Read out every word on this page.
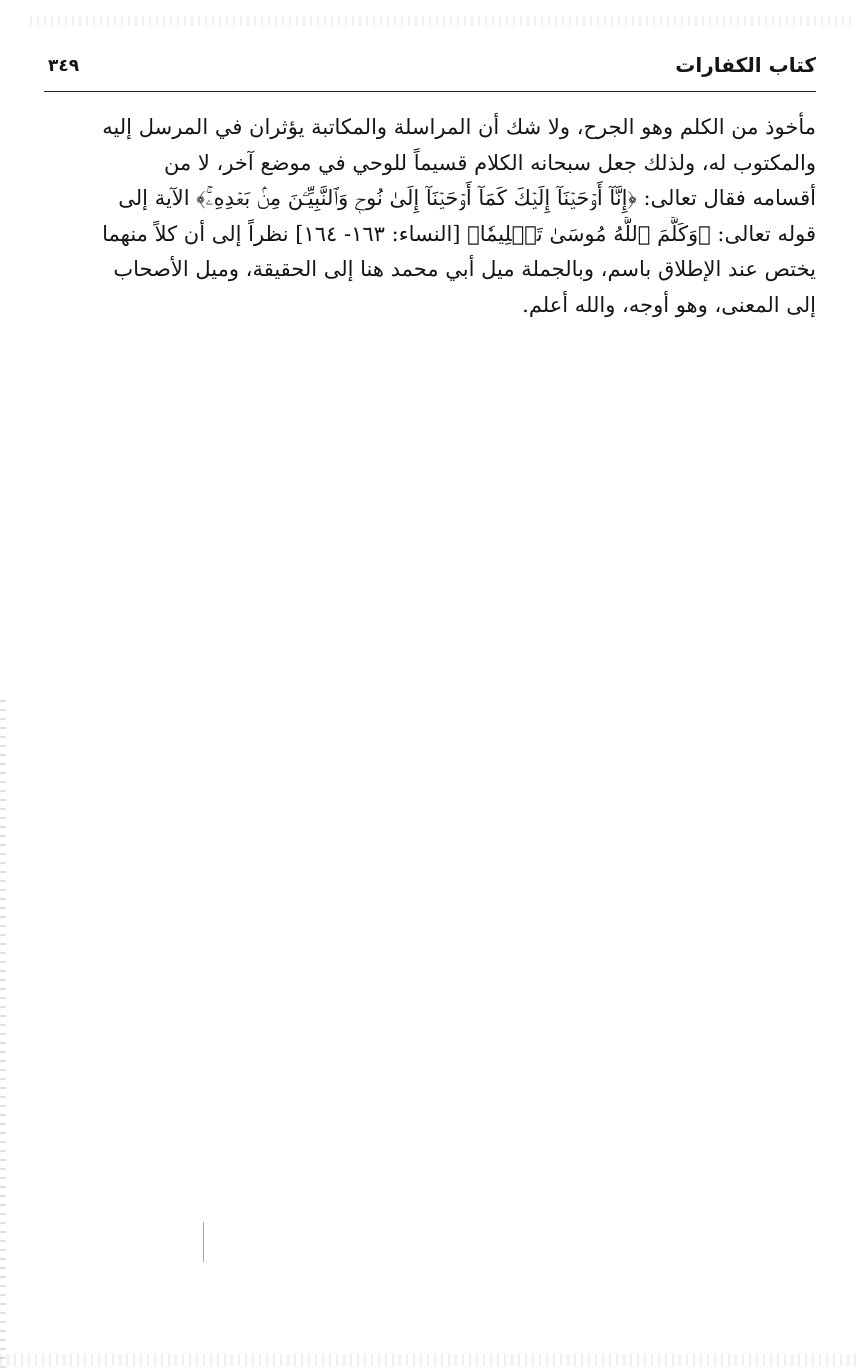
كتاب الكفارات
٣٤٩
مأخوذ من الكلم وهو الجرح، ولا شك أن المراسلة والمكاتبة يؤثران في المرسل إليه
والمكتوب له، ولذلك جعل سبحانه الكلام قسيماً للوحي في موضع آخر، لا من
أقسامه فقال تعالى: ﴿إِنَّآ أَوۡحَيۡنَآ إِلَيۡكَ كَمَآ أَوۡحَيۡنَآ إِلَىٰ نُوحٖ وَٱلنَّبِيِّـۧنَ مِنۢ بَعۡدِهِۦۚ﴾ الآية إلى
قوله تعالى: ﴿وَكَلَّمَ ٱللَّهُ مُوسَىٰ تَكۡلِيمٗا﴾ [النساء: ١٦٣- ١٦٤] نظراً إلى أن كلاً منهما
يختص عند الإطلاق باسم، وبالجملة ميل أبي محمد هنا إلى الحقيقة، وميل الأصحاب
إلى المعنى، وهو أوجه، والله أعلم.
